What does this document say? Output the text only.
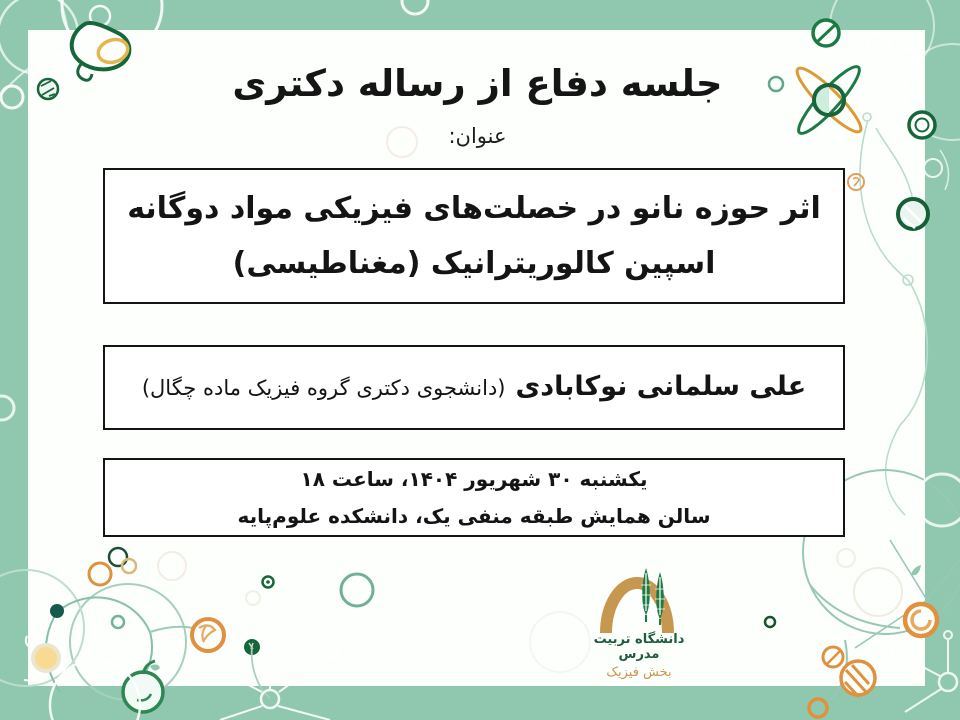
جلسه دفاع از رساله دکتری
عنوان:
اثر حوزه نانو در خصلت‌های فیزیکی مواد دوگانه
اسپین کالوریترانیک (مغناطیسی)
علی سلمانی نوکابادی
(دانشجوی دکتری گروه فیزیک ماده چگال)
یکشنبه ۳۰ شهریور ۱۴۰۴، ساعت ۱۸
سالن همایش طبقه منفی یک، دانشکده علوم‌پایه
دانشگاه تربیت مدرس
بخش فیزیک
